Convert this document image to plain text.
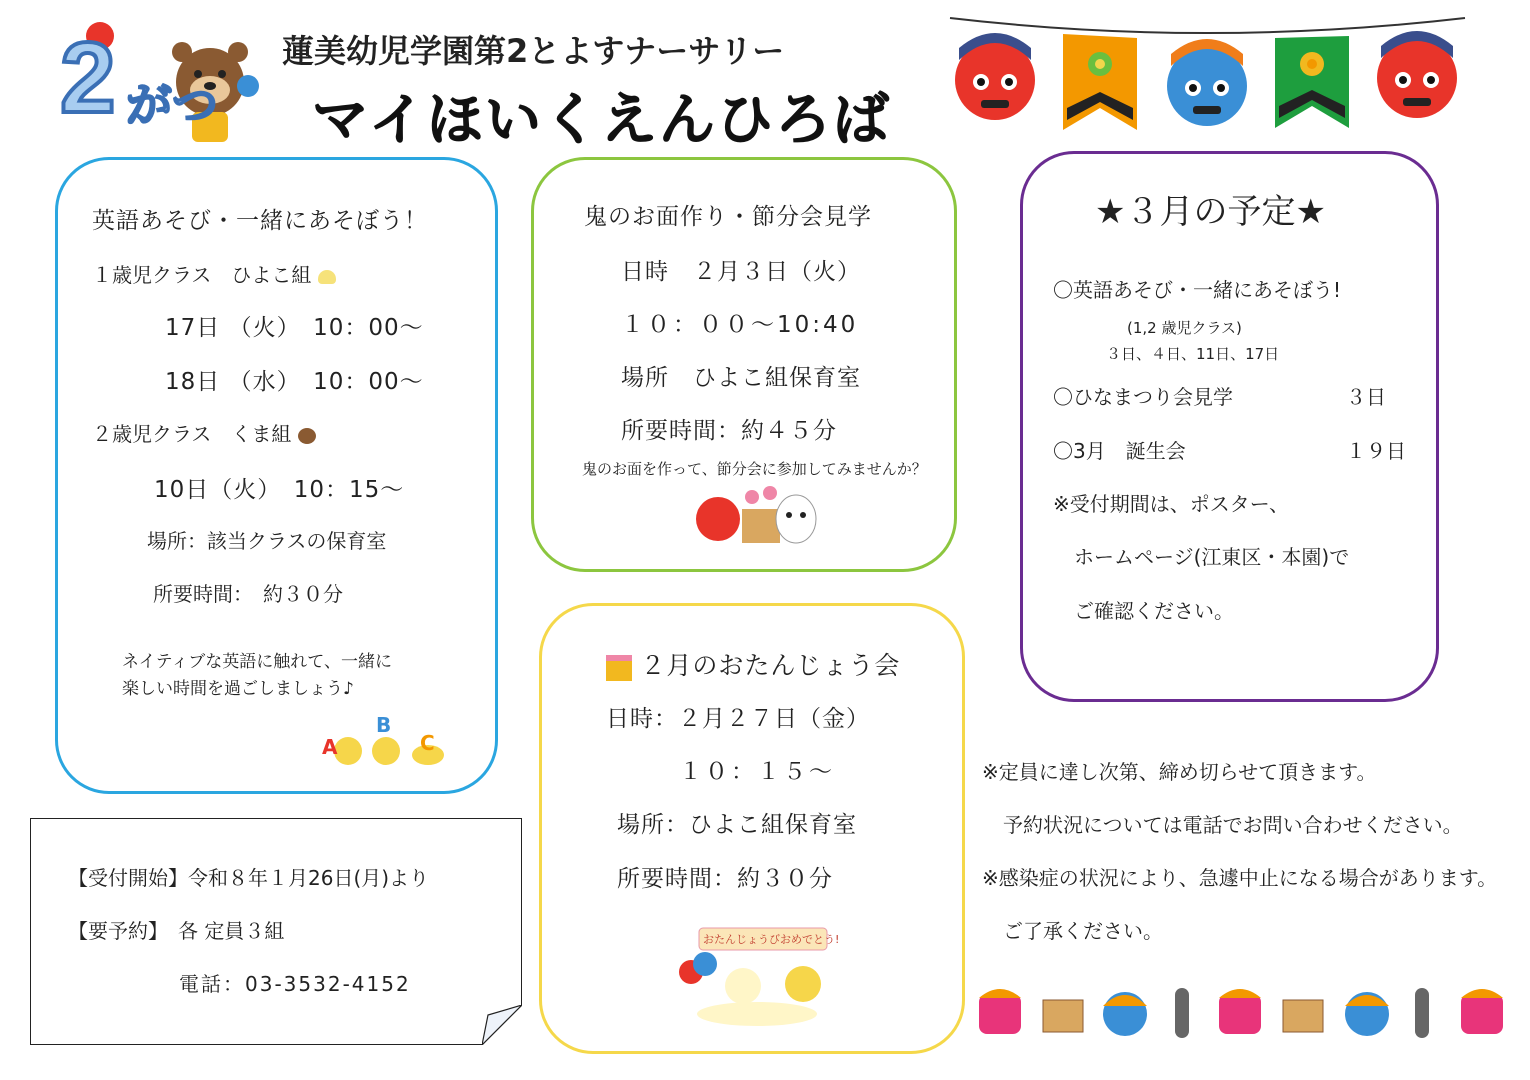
2 がつ
蓮美幼児学園第2とよすナーサリー
マイほいくえんひろば
英語あそび・一緒にあそぼう！
１歳児クラス　ひよこ組
17日 （火）　10：00〜
18日 （水）　10：00〜
２歳児クラス　くま組
10日（火）　10：15〜
場所：該当クラスの保育室
所要時間：　約３０分
ネイティブな英語に触れて、一緒に
楽しい時間を過ごしましょう♪
A
B
C
鬼のお面作り・節分会見学
日時　２月３日（火）
１０：００〜10:40
場所　ひよこ組保育室
所要時間：約４５分
鬼のお面を作って、節分会に参加してみませんか？
２月のおたんじょう会
日時：２月２７日（金）
１０：１５〜
場所：ひよこ組保育室
所要時間：約３０分
おたんじょうびおめでとう!
★３月の予定★
〇英語あそび・一緒にあそぼう!
(1,2 歳児クラス)
３日、４日、11日、17日
〇ひなまつり会見学	３日
〇3月　誕生会	１９日
※受付期間は、ポスター、
ホームページ(江東区・本園)で
ご確認ください。
【受付開始】令和８年１月26日(月)より
【要予約】　各 定員３組
電話：03-3532-4152
※定員に達し次第、締め切らせて頂きます。
予約状況については電話でお問い合わせください。
※感染症の状況により、急遽中止になる場合があります。
ご了承ください。
